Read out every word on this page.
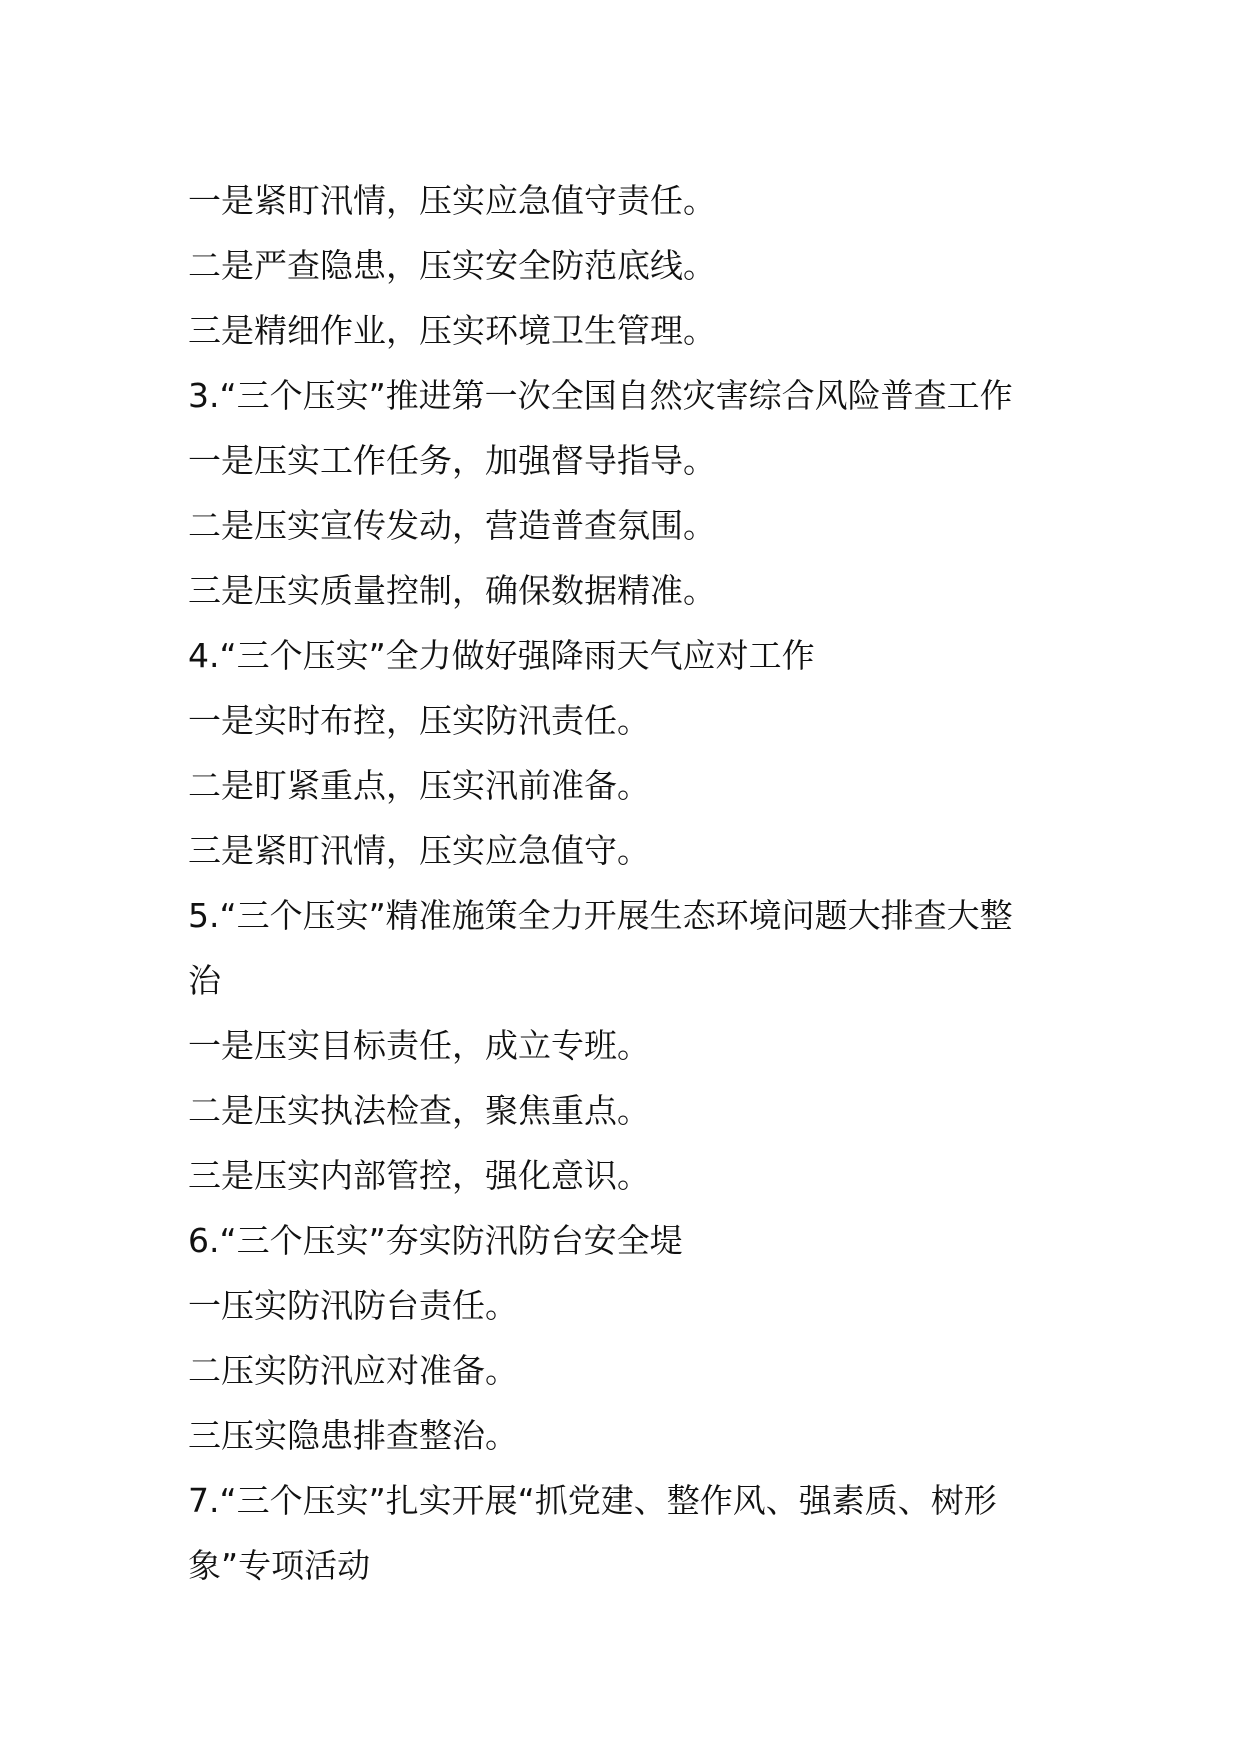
一是紧盯汛情，压实应急值守责任。
二是严查隐患，压实安全防范底线。
三是精细作业，压实环境卫生管理。
3.“三个压实”推进第一次全国自然灾害综合风险普查工作
一是压实工作任务，加强督导指导。
二是压实宣传发动，营造普查氛围。
三是压实质量控制，确保数据精准。
4.“三个压实”全力做好强降雨天气应对工作
一是实时布控，压实防汛责任。
二是盯紧重点，压实汛前准备。
三是紧盯汛情，压实应急值守。
5.“三个压实”精准施策全力开展生态环境问题大排查大整
治
一是压实目标责任，成立专班。
二是压实执法检查，聚焦重点。
三是压实内部管控，强化意识。
6.“三个压实”夯实防汛防台安全堤
一压实防汛防台责任。
二压实防汛应对准备。
三压实隐患排查整治。
7.“三个压实”扎实开展“抓党建、整作风、强素质、树形
象”专项活动
